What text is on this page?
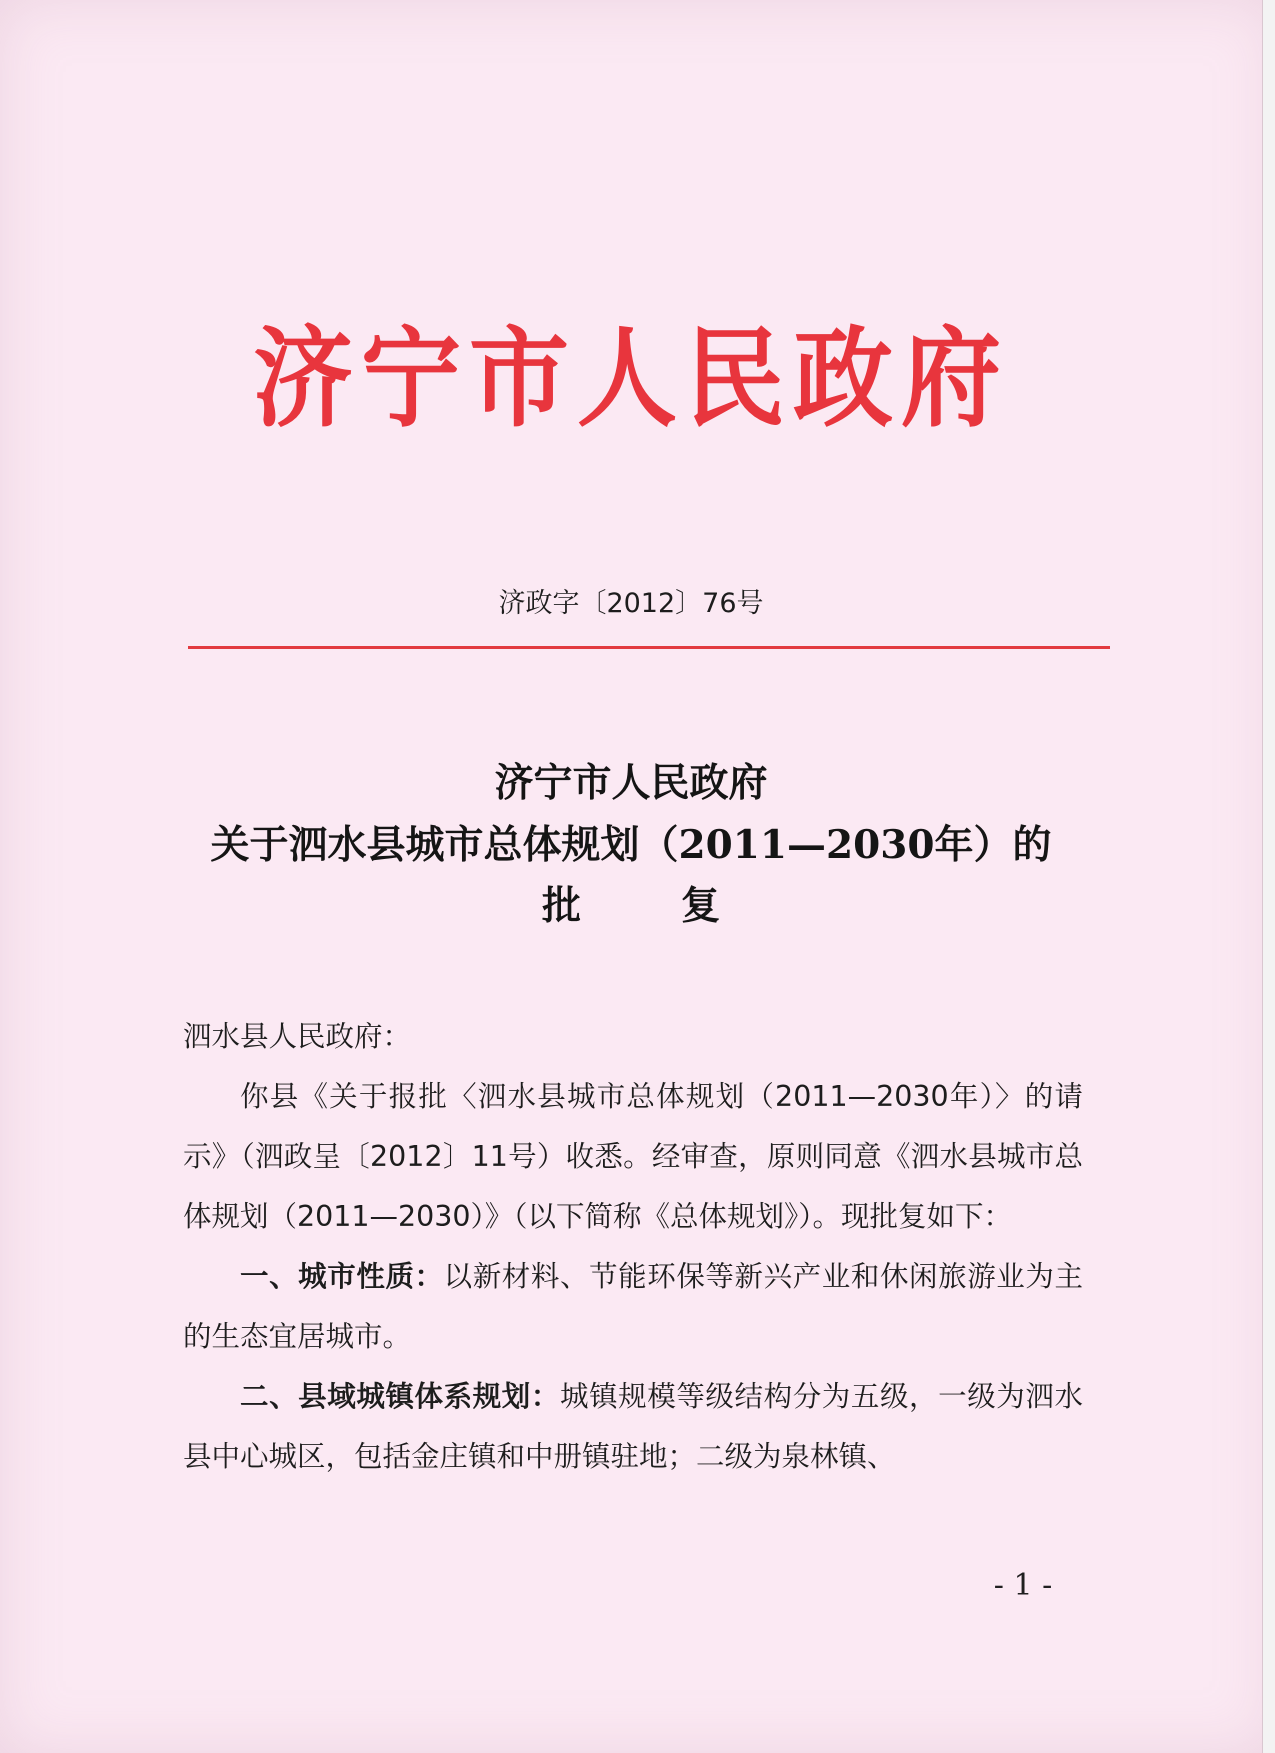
济宁市人民政府
济政字〔2012〕76号
济宁市人民政府
关于泗水县城市总体规划（2011—2030年）的
批复

泗水县人民政府：

你县《关于报批〈泗水县城市总体规划（2011—2030年）〉的请示》（泗政呈〔2012〕11号）收悉。经审查，原则同意《泗水县城市总体规划（2011—2030）》（以下简称《总体规划》）。现批复如下：

一、城市性质：以新材料、节能环保等新兴产业和休闲旅游业为主的生态宜居城市。

二、县域城镇体系规划：城镇规模等级结构分为五级，一级为泗水县中心城区，包括金庄镇和中册镇驻地；二级为泉林镇、

- 1 -
